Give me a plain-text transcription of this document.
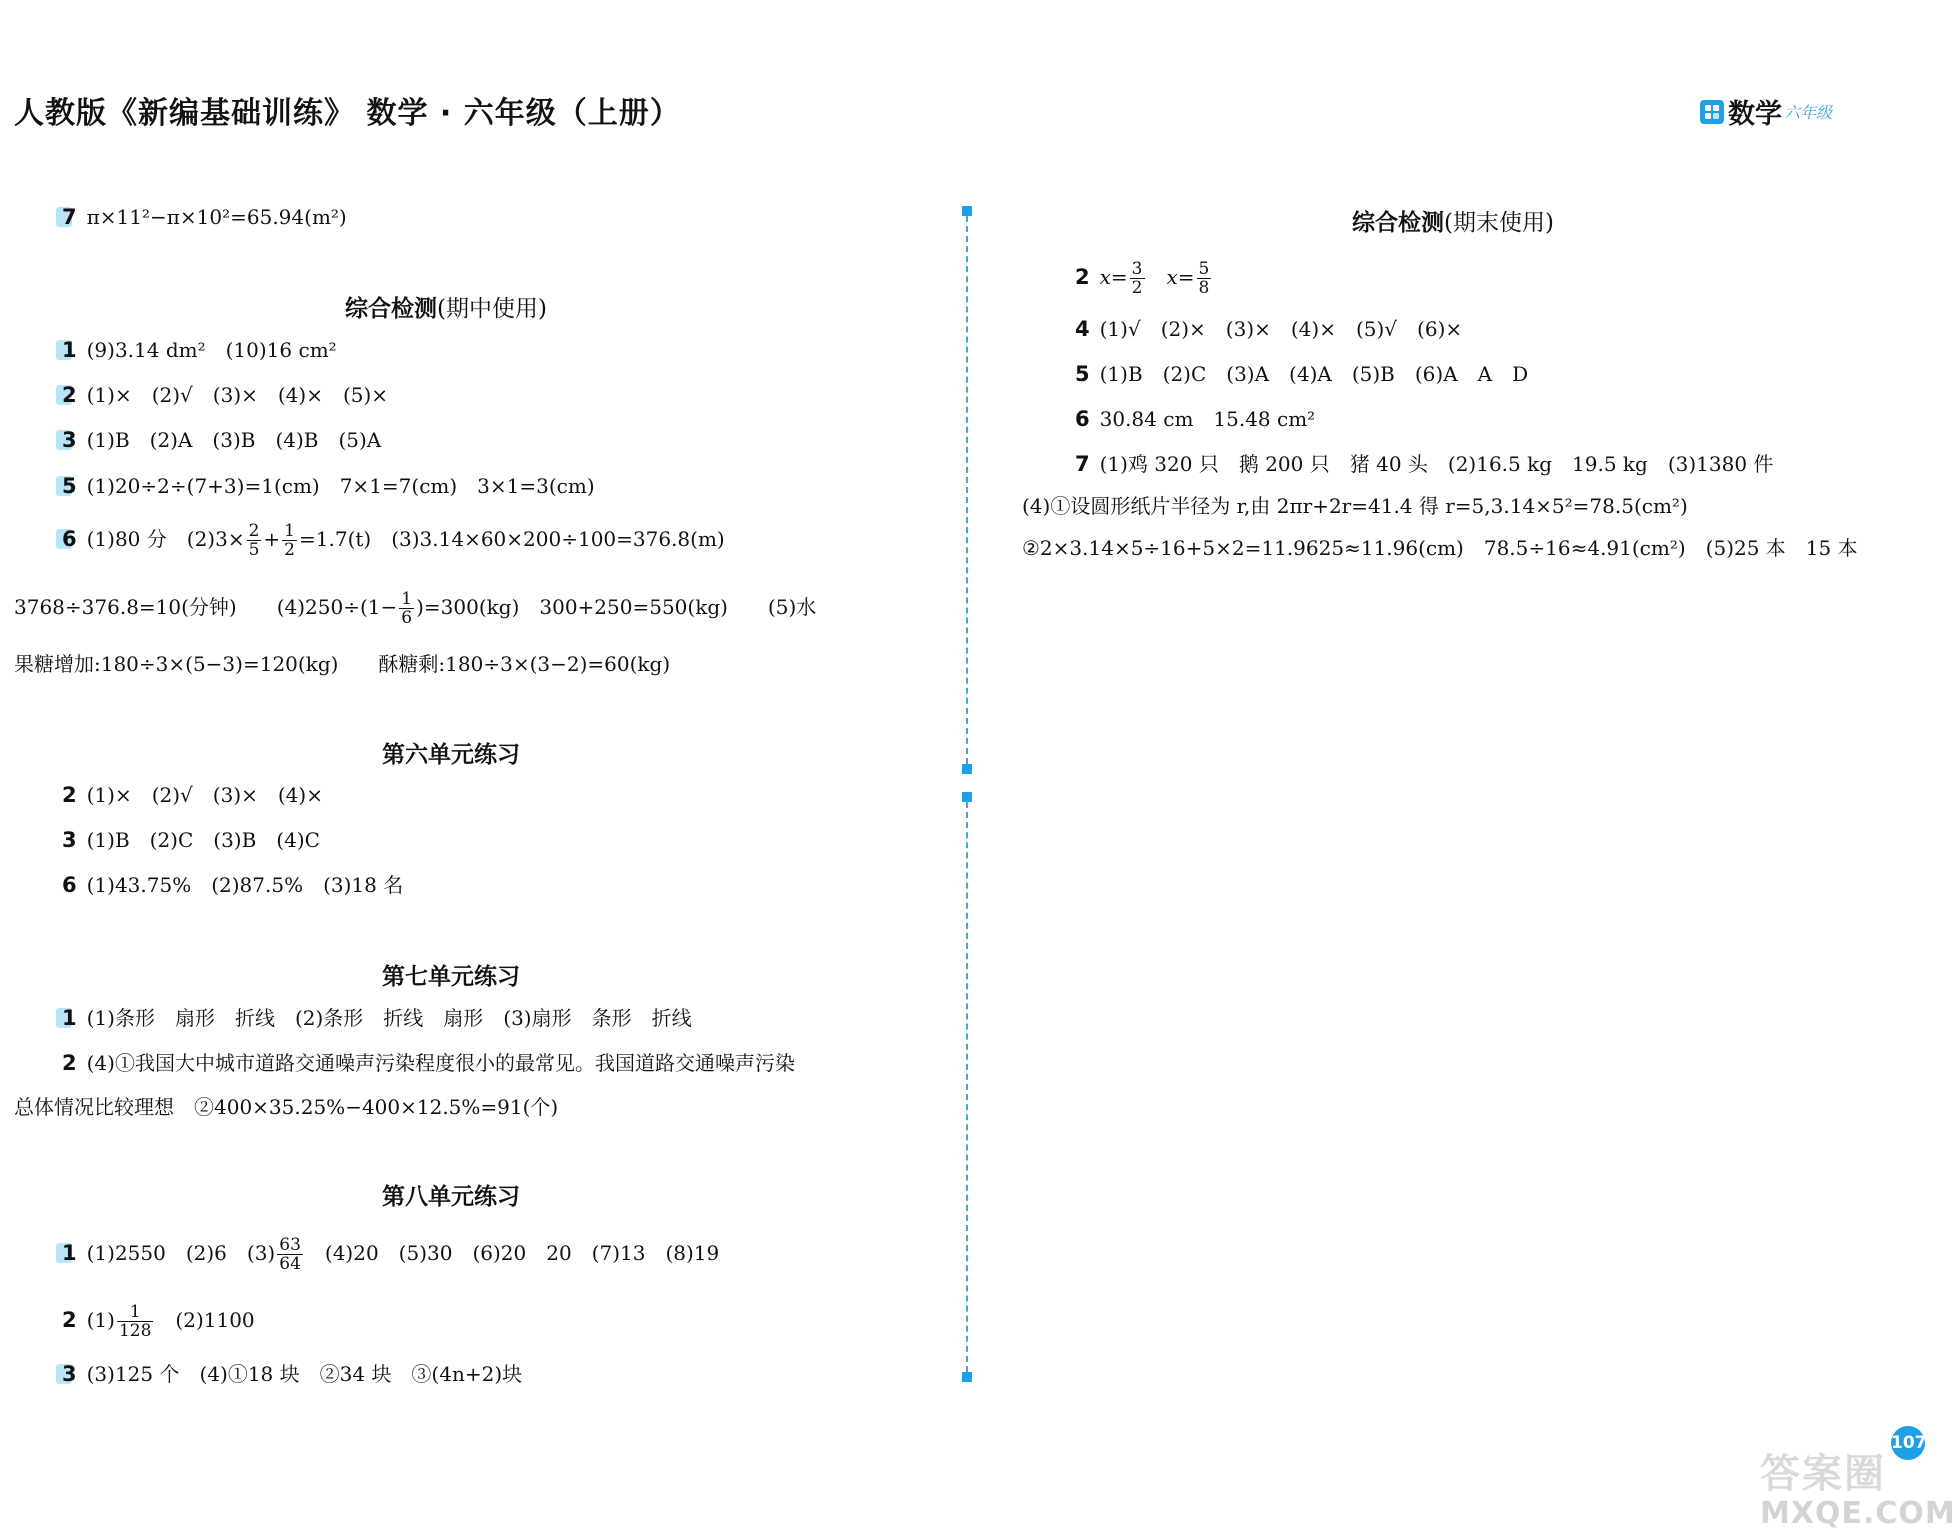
人教版《新编基础训练》 数学 · 六年级（上册）	数学 六年级
7 π×11²−π×10²=65.94(m²)
综合检测(期中使用)
1 (9)3.14 dm²　(10)16 cm²
2 (1)×　(2)√　(3)×　(4)×　(5)×
3 (1)B　(2)A　(3)B　(4)B　(5)A
5 (1)20÷2÷(7+3)=1(cm)　7×1=7(cm)　3×1=3(cm)
6 (1)80 分　$(2)3\times \frac{2}{5} + \frac{1}{2} =1.7(t)$　(3)3.14×60×200÷100=376.8(m)
3768÷376.8=10(分钟)　　$(4)250\div(1- \frac{1}{6} )=300(kg)$　300+250=550(kg)　　(5)水
果糖增加:180÷3×(5−3)=120(kg)　　酥糖剩:180÷3×(3−2)=60(kg)
第六单元练习
2 (1)×　(2)√　(3)×　(4)×
3 (1)B　(2)C　(3)B　(4)C
6 (1)43.75%　(2)87.5%　(3)18 名
第七单元练习
1 (1)条形　扇形　折线　(2)条形　折线　扇形　(3)扇形　条形　折线
2 (4)①我国大中城市道路交通噪声污染程度很小的最常见。我国道路交通噪声污染
总体情况比较理想　②400×35.25%−400×12.5%=91(个)
第八单元练习
1 (1)2550　(2)6　$(3) \frac{63}{64}$ 　(4)20　(5)30　(6)20　20　(7)13　(8)19
2 $(1) \frac{1}{128}$ 　(2)1100
3 (3)125 个　(4)①18 块　②34 块　③(4n+2)块
综合检测(期末使用)
2 $x= \frac{3}{2}$ 　$x= \frac{5}{8}$
4 (1)√　(2)×　(3)×　(4)×　(5)√　(6)×
5 (1)B　(2)C　(3)A　(4)A　(5)B　(6)A　A　D
6 30.84 cm　15.48 cm²
7 (1)鸡 320 只　鹅 200 只　猪 40 头　(2)16.5 kg　19.5 kg　(3)1380 件
(4)①设圆形纸片半径为 r,由 2πr+2r=41.4 得 r=5,3.14×5²=78.5(cm²)
②2×3.14×5÷16+5×2=11.9625≈11.96(cm)　78.5÷16≈4.91(cm²)　(5)25 本　15 本
107
答案圈
MXQE.COM
